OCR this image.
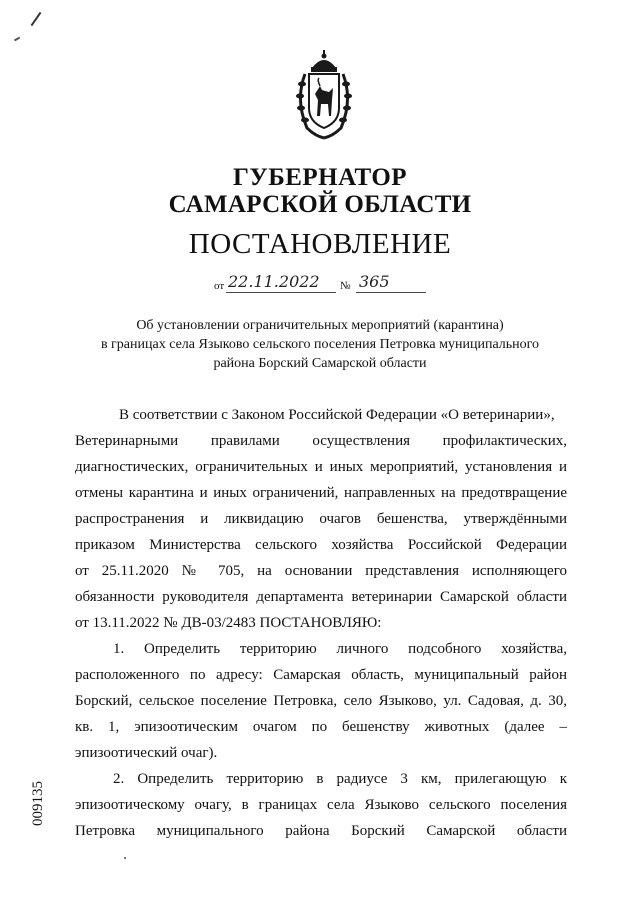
ГУБЕРНАТОР
САМАРСКОЙ ОБЛАСТИ
ПОСТАНОВЛЕНИЕ
от 22.11.2022 № 365
Об установлении ограничительных мероприятий (карантина)
в границах села Языково сельского поселения Петровка муниципального
района Борский Самарской области
В соответствии с Законом Российской Федерации «О ветеринарии»,
Ветеринарными правилами осуществления профилактических,
диагностических, ограничительных и иных мероприятий, установления и
отмены карантина и иных ограничений, направленных на предотвращение
распространения и ликвидацию очагов бешенства, утверждёнными
приказом Министерства сельского хозяйства Российской Федерации
от 25.11.2020 № 705, на основании представления исполняющего
обязанности руководителя департамента ветеринарии Самарской области
от 13.11.2022 № ДВ-03/2483 ПОСТАНОВЛЯЮ:
1. Определить территорию личного подсобного хозяйства,
расположенного по адресу: Самарская область, муниципальный район
Борский, сельское поселение Петровка, село Языково, ул. Садовая, д. 30,
кв. 1, эпизоотическим очагом по бешенству животных (далее –
эпизоотический очаг).
2. Определить территорию в радиусе 3 км, прилегающую к
эпизоотическому очагу, в границах села Языково сельского поселения
Петровка муниципального района Борский Самарской области
009135
